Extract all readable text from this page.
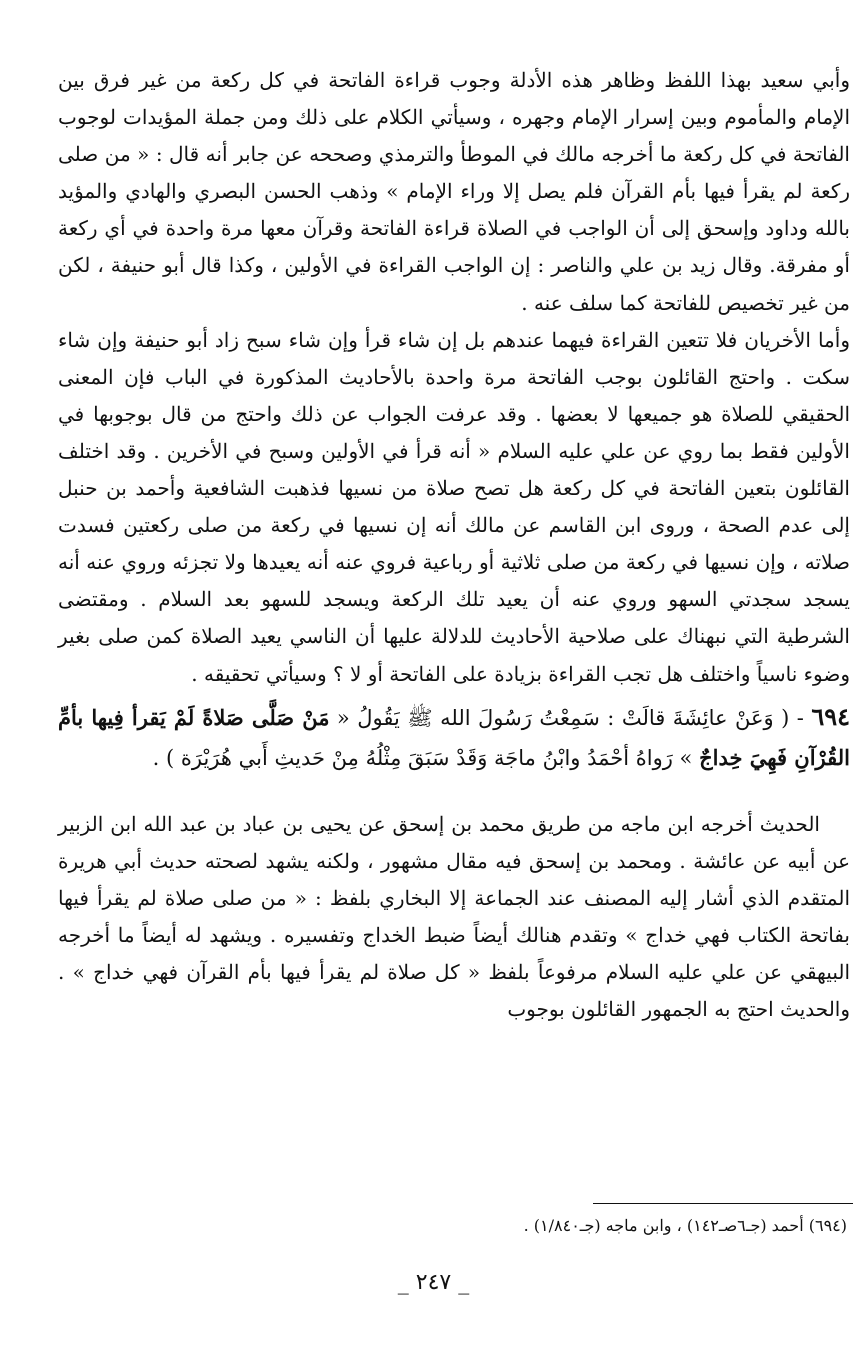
وأبي سعيد بهذا اللفظ وظاهر هذه الأدلة وجوب قراءة الفاتحة في كل ركعة من غير فرق بين الإمام والمأموم وبين إسرار الإمام وجهره ، وسيأتي الكلام على ذلك ومن جملة المؤيدات لوجوب الفاتحة في كل ركعة ما أخرجه مالك في الموطأ والترمذي وصححه عن جابر أنه قال : « من صلى ركعة لم يقرأ فيها بأم القرآن فلم يصل إلا وراء الإمام » وذهب الحسن البصري والهادي والمؤيد بالله وداود وإسحق إلى أن الواجب في الصلاة قراءة الفاتحة وقرآن معها مرة واحدة في أي ركعة أو مفرقة. وقال زيد بن علي والناصر : إن الواجب القراءة في الأولين ، وكذا قال أبو حنيفة ، لكن من غير تخصيص للفاتحة كما سلف عنه .

وأما الأخريان فلا تتعين القراءة فيهما عندهم بل إن شاء قرأ وإن شاء سبح زاد أبو حنيفة وإن شاء سكت . واحتج القائلون بوجب الفاتحة مرة واحدة بالأحاديث المذكورة في الباب فإن المعنى الحقيقي للصلاة هو جميعها لا بعضها . وقد عرفت الجواب عن ذلك واحتج من قال بوجوبها في الأولين فقط بما روي عن علي عليه السلام « أنه قرأ في الأولين وسبح في الأخرين . وقد اختلف القائلون بتعين الفاتحة في كل ركعة هل تصح صلاة من نسيها فذهبت الشافعية وأحمد بن حنبل إلى عدم الصحة ، وروى ابن القاسم عن مالك أنه إن نسيها في ركعة من صلى ركعتين فسدت صلاته ، وإن نسيها في ركعة من صلى ثلاثية أو رباعية فروي عنه أنه يعيدها ولا تجزئه وروي عنه أنه يسجد سجدتي السهو وروي عنه أن يعيد تلك الركعة ويسجد للسهو بعد السلام . ومقتضى الشرطية التي نبهناك على صلاحية الأحاديث للدلالة عليها أن الناسي يعيد الصلاة كمن صلى بغير وضوء ناسياً واختلف هل تجب القراءة بزيادة على الفاتحة أو لا ؟ وسيأتي تحقيقه .

٦٩٤ - ( وَعَنْ عائِشَةَ قالَتْ : سَمِعْتُ رَسُولَ الله ﷺ يَقُولُ « مَنْ صَلَّى صَلاةً لَمْ يَقرأ فِيها بأمِّ القُرْآنِ فَهِيَ خِداجٌ » رَواهُ أحْمَدُ وابْنُ ماجَة وَقَدْ سَبَقَ مِثْلُهُ مِنْ حَديثِ أَبي هُرَيْرَة ) .

الحديث أخرجه ابن ماجه من طريق محمد بن إسحق عن يحيى بن عباد بن عبد الله ابن الزبير عن أبيه عن عائشة . ومحمد بن إسحق فيه مقال مشهور ، ولكنه يشهد لصحته حديث أبي هريرة المتقدم الذي أشار إليه المصنف عند الجماعة إلا البخاري بلفظ : « من صلى صلاة لم يقرأ فيها بفاتحة الكتاب فهي خداج » وتقدم هنالك أيضاً ضبط الخداج وتفسيره . ويشهد له أيضاً ما أخرجه البيهقي عن علي عليه السلام مرفوعاً بلفظ « كل صلاة لم يقرأ فيها بأم القرآن فهي خداج » . والحديث احتج به الجمهور القائلون بوجوب

(٦٩٤) أحمد (جـ٦صـ١٤٢) ، وابن ماجه (جـ١/٨٤٠) .
_ ٢٤٧ _
